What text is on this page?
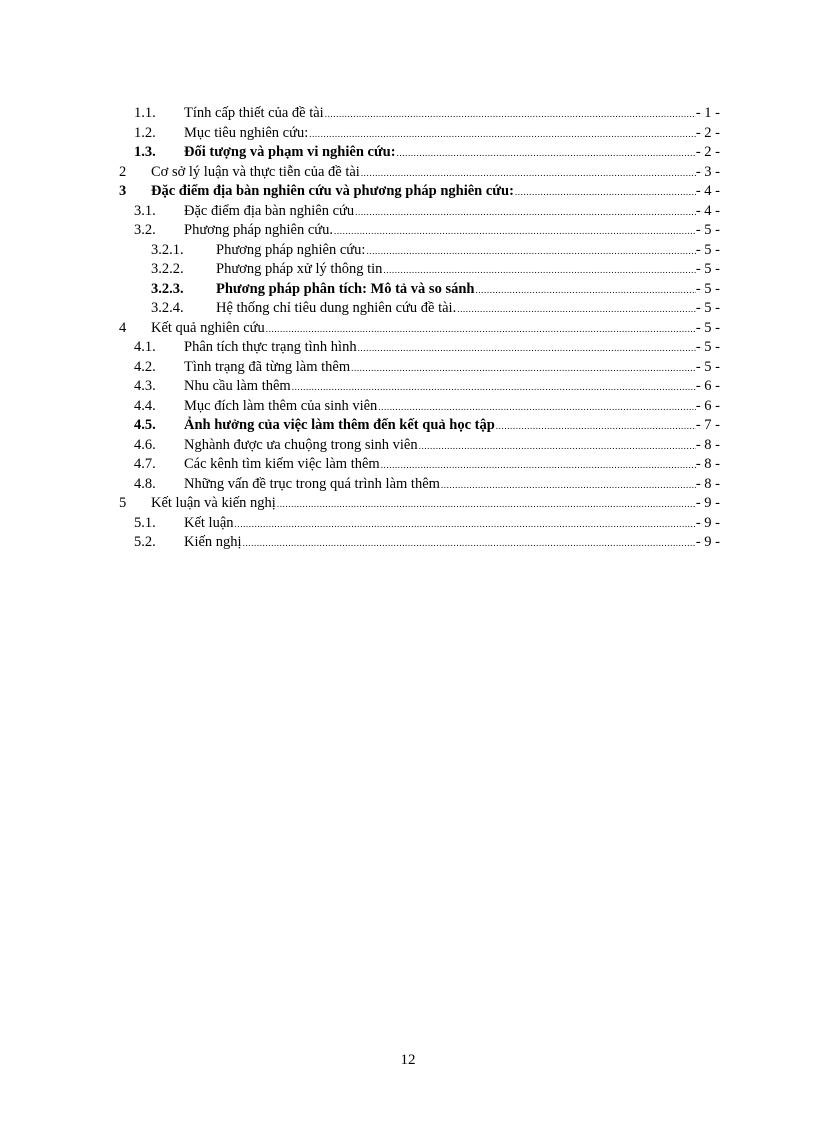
1.1.	Tính cấp thiết của đề tài .....	- 1 -
1.2.	Mục tiêu nghiên cứu: .....	- 2 -
1.3.	Đối tượng và phạm vi nghiên cứu: .....	- 2 -
2	Cơ sở lý luận và thực tiễn của đề tài .....	- 3 -
3	Đặc điểm địa bàn nghiên cứu và phương pháp nghiên cứu: .....	- 4 -
3.1.	Đặc điểm địa bàn nghiên cứu .....	- 4 -
3.2.	Phương pháp nghiên cứu. .....	- 5 -
3.2.1.	Phương pháp nghiên cứu: .....	- 5 -
3.2.2.	Phương pháp xử lý thông tin .....	- 5 -
3.2.3.	Phương pháp phân tích: Mô tả và so sánh .....	- 5 -
3.2.4.	Hệ thống chỉ tiêu dung nghiên cứu đề tài. .....	- 5 -
4	Kết quả nghiên cứu .....	- 5 -
4.1.	Phân tích thực trạng tình hình .....	- 5 -
4.2.	Tình trạng đã từng làm thêm .....	- 5 -
4.3.	Nhu cầu làm thêm .....	- 6 -
4.4.	Mục đích làm thêm của sinh viên .....	- 6 -
4.5.	Ảnh hưởng của việc làm thêm đến kết quả học tập .....	- 7 -
4.6.	Nghành được ưa chuộng trong sinh viên .....	- 8 -
4.7.	Các kênh tìm kiếm việc làm thêm .....	- 8 -
4.8.	Những vấn đề trục trong quá trình làm thêm .....	- 8 -
5	Kết luận và kiến nghị .....	- 9 -
5.1.	Kết luận .....	- 9 -
5.2.	Kiến nghị .....	- 9 -
12
